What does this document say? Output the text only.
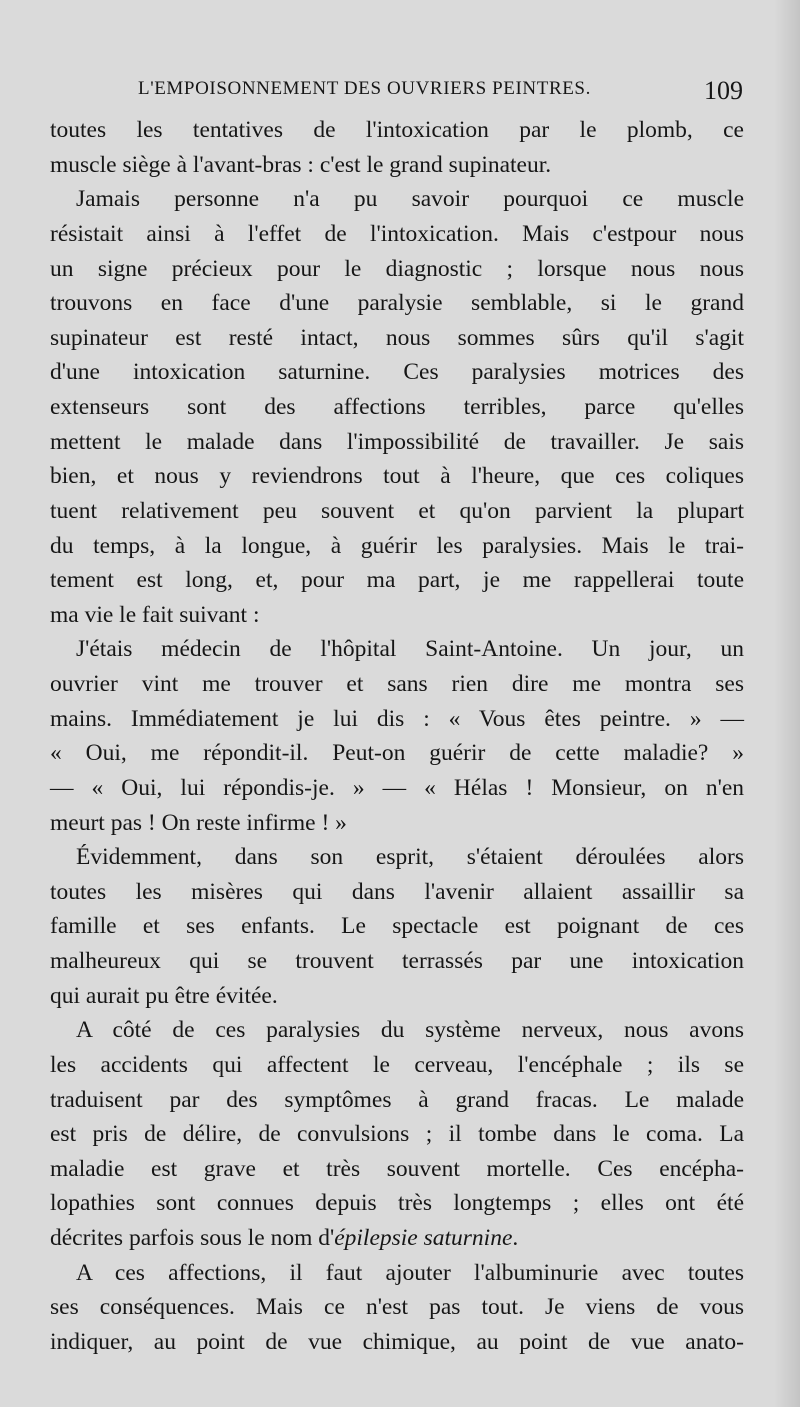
L'EMPOISONNEMENT DES OUVRIERS PEINTRES.	109
toutes les tentatives de l'intoxication par le plomb, ce
muscle siège à l'avant-bras : c'est le grand supinateur.
Jamais personne n'a pu savoir pourquoi ce muscle
résistait ainsi à l'effet de l'intoxication. Mais c'estpour nous
un signe précieux pour le diagnostic ; lorsque nous nous
trouvons en face d'une paralysie semblable, si le grand
supinateur est resté intact, nous sommes sûrs qu'il s'agit
d'une intoxication saturnine. Ces paralysies motrices des
extenseurs sont des affections terribles, parce qu'elles
mettent le malade dans l'impossibilité de travailler. Je sais
bien, et nous y reviendrons tout à l'heure, que ces coliques
tuent relativement peu souvent et qu'on parvient la plupart
du temps, à la longue, à guérir les paralysies. Mais le trai-
tement est long, et, pour ma part, je me rappellerai toute
ma vie le fait suivant :
J'étais médecin de l'hôpital Saint-Antoine. Un jour, un
ouvrier vint me trouver et sans rien dire me montra ses
mains. Immédiatement je lui dis : « Vous êtes peintre. » —
« Oui, me répondit-il. Peut-on guérir de cette maladie? »
— « Oui, lui répondis-je. » — « Hélas ! Monsieur, on n'en
meurt pas ! On reste infirme ! »
Évidemment, dans son esprit, s'étaient déroulées alors
toutes les misères qui dans l'avenir allaient assaillir sa
famille et ses enfants. Le spectacle est poignant de ces
malheureux qui se trouvent terrassés par une intoxication
qui aurait pu être évitée.
A côté de ces paralysies du système nerveux, nous avons
les accidents qui affectent le cerveau, l'encéphale ; ils se
traduisent par des symptômes à grand fracas. Le malade
est pris de délire, de convulsions ; il tombe dans le coma. La
maladie est grave et très souvent mortelle. Ces encépha-
lopathies sont connues depuis très longtemps ; elles ont été
décrites parfois sous le nom d'épilepsie saturnine.
A ces affections, il faut ajouter l'albuminurie avec toutes
ses conséquences. Mais ce n'est pas tout. Je viens de vous
indiquer, au point de vue chimique, au point de vue anato-
